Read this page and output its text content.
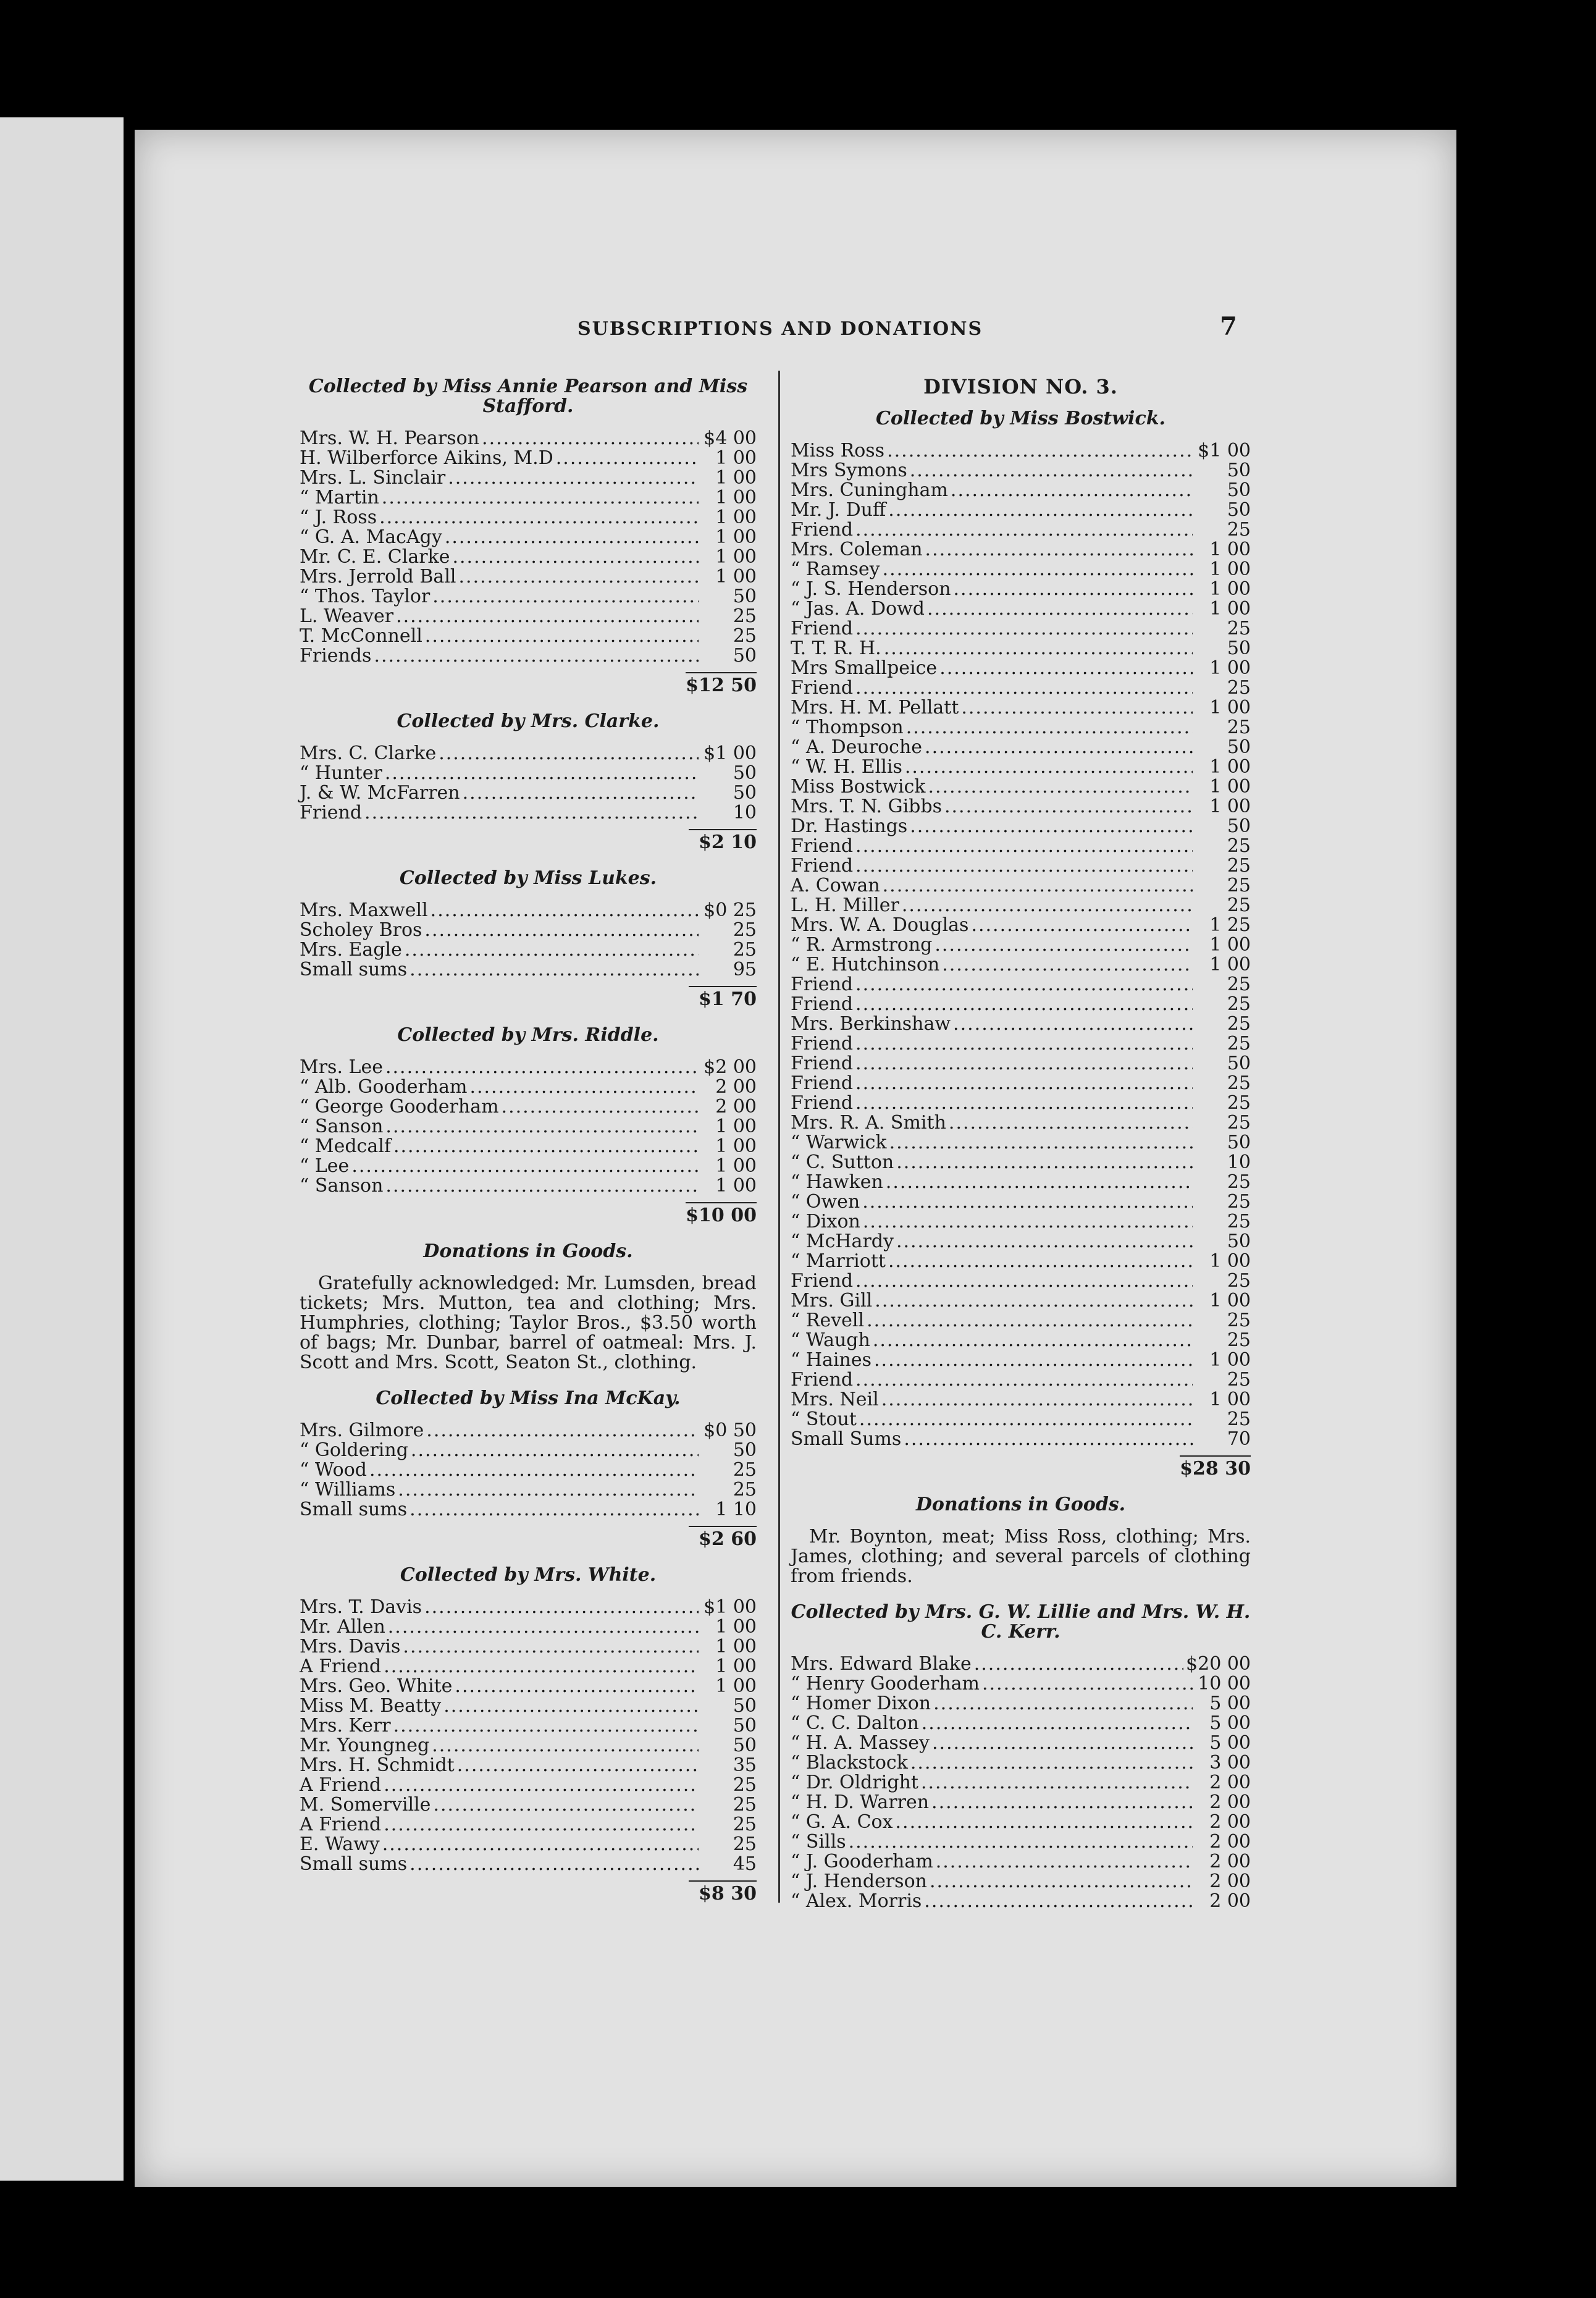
SUBSCRIPTIONS AND DONATIONS	7
Collected by Miss Annie Pearson and Miss Stafford.
Mrs. W. H. Pearson .....	$4 00
H. Wilberforce Aikins, M.D .....	1 00
Mrs. L. Sinclair .....	1 00
“ Martin .....	1 00
“ J. Ross .....	1 00
“ G. A. MacAgy .....	1 00
Mr. C. E. Clarke .....	1 00
Mrs. Jerrold Ball .....	1 00
“ Thos. Taylor .....	50
L. Weaver .....	25
T. McConnell .....	25
Friends .....	50
$12 50
Collected by Mrs. Clarke.
Mrs. C. Clarke .....	$1 00
“ Hunter .....	50
J. & W. McFarren .....	50
Friend .....	10
$2 10
Collected by Miss Lukes.
Mrs. Maxwell .....	$0 25
Scholey Bros .....	25
Mrs. Eagle .....	25
Small sums .....	95
$1 70
Collected by Mrs. Riddle.
Mrs. Lee .....	$2 00
“ Alb. Gooderham .....	2 00
“ George Gooderham .....	2 00
“ Sanson .....	1 00
“ Medcalf .....	1 00
“ Lee .....	1 00
“ Sanson .....	1 00
$10 00
Donations in Goods.

Gratefully acknowledged: Mr. Lumsden, bread tickets; Mrs. Mutton, tea and clothing; Mrs. Humphries, clothing; Taylor Bros., $3.50 worth of bags; Mr. Dunbar, barrel of oatmeal: Mrs. J. Scott and Mrs. Scott, Seaton St., clothing.

Collected by Miss Ina McKay.
Mrs. Gilmore .....	$0 50
“ Goldering .....	50
“ Wood .....	25
“ Williams .....	25
Small sums .....	1 10
$2 60
Collected by Mrs. White.
Mrs. T. Davis .....	$1 00
Mr. Allen .....	1 00
Mrs. Davis .....	1 00
A Friend .....	1 00
Mrs. Geo. White .....	1 00
Miss M. Beatty .....	50
Mrs. Kerr .....	50
Mr. Youngneg .....	50
Mrs. H. Schmidt .....	35
A Friend .....	25
M. Somerville .....	25
A Friend .....	25
E. Wawy .....	25
Small sums .....	45
$8 30
DIVISION NO. 3.
Collected by Miss Bostwick.
Miss Ross .....	$1 00
Mrs Symons .....	50
Mrs. Cuningham .....	50
Mr. J. Duff .....	50
Friend .....	25
Mrs. Coleman .....	1 00
“ Ramsey .....	1 00
“ J. S. Henderson .....	1 00
“ Jas. A. Dowd .....	1 00
Friend .....	25
T. T. R. H. .....	50
Mrs Smallpeice .....	1 00
Friend .....	25
Mrs. H. M. Pellatt .....	1 00
“ Thompson .....	25
“ A. Deuroche .....	50
“ W. H. Ellis .....	1 00
Miss Bostwick .....	1 00
Mrs. T. N. Gibbs .....	1 00
Dr. Hastings .....	50
Friend .....	25
Friend .....	25
A. Cowan .....	25
L. H. Miller .....	25
Mrs. W. A. Douglas .....	1 25
“ R. Armstrong .....	1 00
“ E. Hutchinson .....	1 00
Friend .....	25
Friend .....	25
Mrs. Berkinshaw .....	25
Friend .....	25
Friend .....	50
Friend .....	25
Friend .....	25
Mrs. R. A. Smith .....	25
“ Warwick .....	50
“ C. Sutton .....	10
“ Hawken .....	25
“ Owen .....	25
“ Dixon .....	25
“ McHardy .....	50
“ Marriott .....	1 00
Friend .....	25
Mrs. Gill .....	1 00
“ Revell .....	25
“ Waugh .....	25
“ Haines .....	1 00
Friend .....	25
Mrs. Neil .....	1 00
“ Stout .....	25
Small Sums .....	70
$28 30
Donations in Goods.

Mr. Boynton, meat; Miss Ross, clothing; Mrs. James, clothing; and several parcels of clothing from friends.

Collected by Mrs. G. W. Lillie and Mrs. W. H. C. Kerr.
Mrs. Edward Blake .....	$20 00
“ Henry Gooderham .....	10 00
“ Homer Dixon .....	5 00
“ C. C. Dalton .....	5 00
“ H. A. Massey .....	5 00
“ Blackstock .....	3 00
“ Dr. Oldright .....	2 00
“ H. D. Warren .....	2 00
“ G. A. Cox .....	2 00
“ Sills .....	2 00
“ J. Gooderham .....	2 00
“ J. Henderson .....	2 00
“ Alex. Morris .....	2 00
